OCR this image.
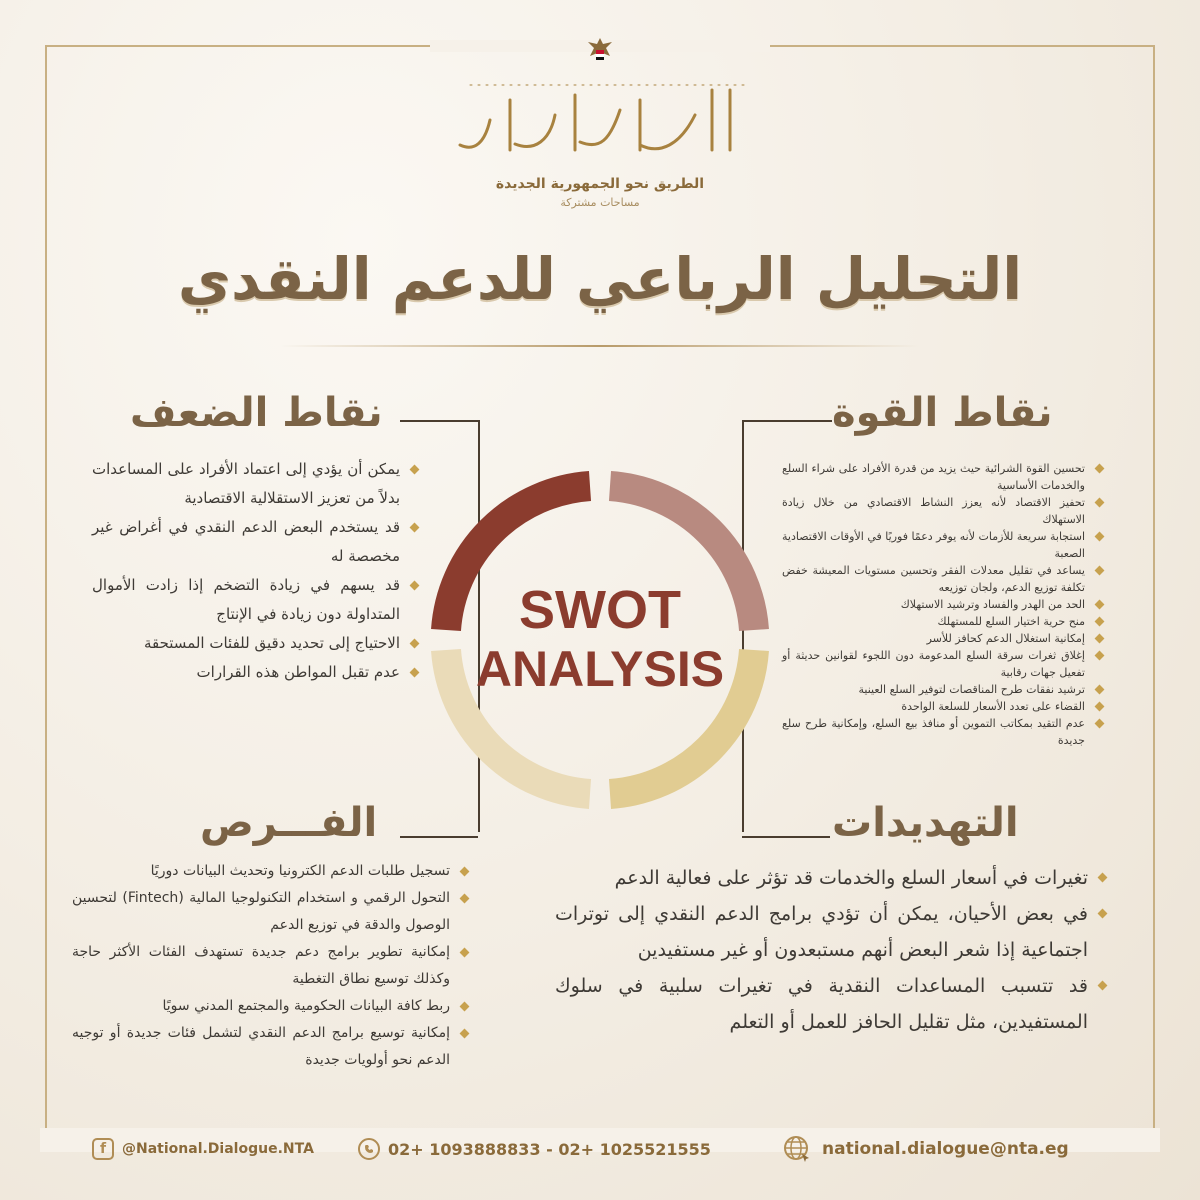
الطريق نحو الجمهورية الجديدة
مساحات مشتركة
التحليل الرباعي للدعم النقدي
نقاط القوة
نقاط الضعف
الفـــرص	التهديدات
SWOT
ANALYSIS
تحسين القوة الشرائية حيث يزيد من قدرة الأفراد على شراء السلع والخدمات الأساسية
تحفيز الاقتصاد لأنه يعزز النشاط الاقتصادي من خلال زيادة الاستهلاك
استجابة سريعة للأزمات لأنه يوفر دعمًا فوريًا في الأوقات الاقتصادية الصعبة
يساعد في تقليل معدلات الفقر وتحسين مستويات المعيشة خفض تكلفة توزيع الدعم، ولجان توزيعه
الحد من الهدر والفساد وترشيد الاستهلاك
منح حرية اختيار السلع للمستهلك
إمكانية استغلال الدعم كحافز للأسر
إغلاق ثغرات سرقة السلع المدعومة دون اللجوء لقوانين حديثة أو تفعيل جهات رقابية
ترشيد نفقات طرح المناقصات لتوفير السلع العينية
القضاء على تعدد الأسعار للسلعة الواحدة
عدم التقيد بمكاتب التموين أو منافذ بيع السلع، وإمكانية طرح سلع جديدة
يمكن أن يؤدي إلى اعتماد الأفراد على المساعدات بدلاً من تعزيز الاستقلالية الاقتصادية
قد يستخدم البعض الدعم النقدي في أغراض غير مخصصة له
قد يسهم في زيادة التضخم إذا زادت الأموال المتداولة دون زيادة في الإنتاج
الاحتياج إلى تحديد دقيق للفئات المستحقة
عدم تقبل المواطن هذه القرارات
تسجيل طلبات الدعم الكترونيا وتحديث البيانات دوريًا
التحول الرقمي و استخدام التكنولوجيا المالية (Fintech) لتحسين الوصول والدقة في توزيع الدعم
إمكانية تطوير برامج دعم جديدة تستهدف الفئات الأكثر حاجة وكذلك توسيع نطاق التغطية
ربط كافة البيانات الحكومية والمجتمع المدني سويًا
إمكانية توسيع برامج الدعم النقدي لتشمل فئات جديدة أو توجيه الدعم نحو أولويات جديدة
تغيرات في أسعار السلع والخدمات قد تؤثر على فعالية الدعم
في بعض الأحيان، يمكن أن تؤدي برامج الدعم النقدي إلى توترات اجتماعية إذا شعر البعض أنهم مستبعدون أو غير مستفيدين
قد تتسبب المساعدات النقدية في تغيرات سلبية في سلوك المستفيدين، مثل تقليل الحافز للعمل أو التعلم
f	@National.Dialogue.NTA	02+ 1093888833 - 02+ 1025521555	national.dialogue@nta.eg
